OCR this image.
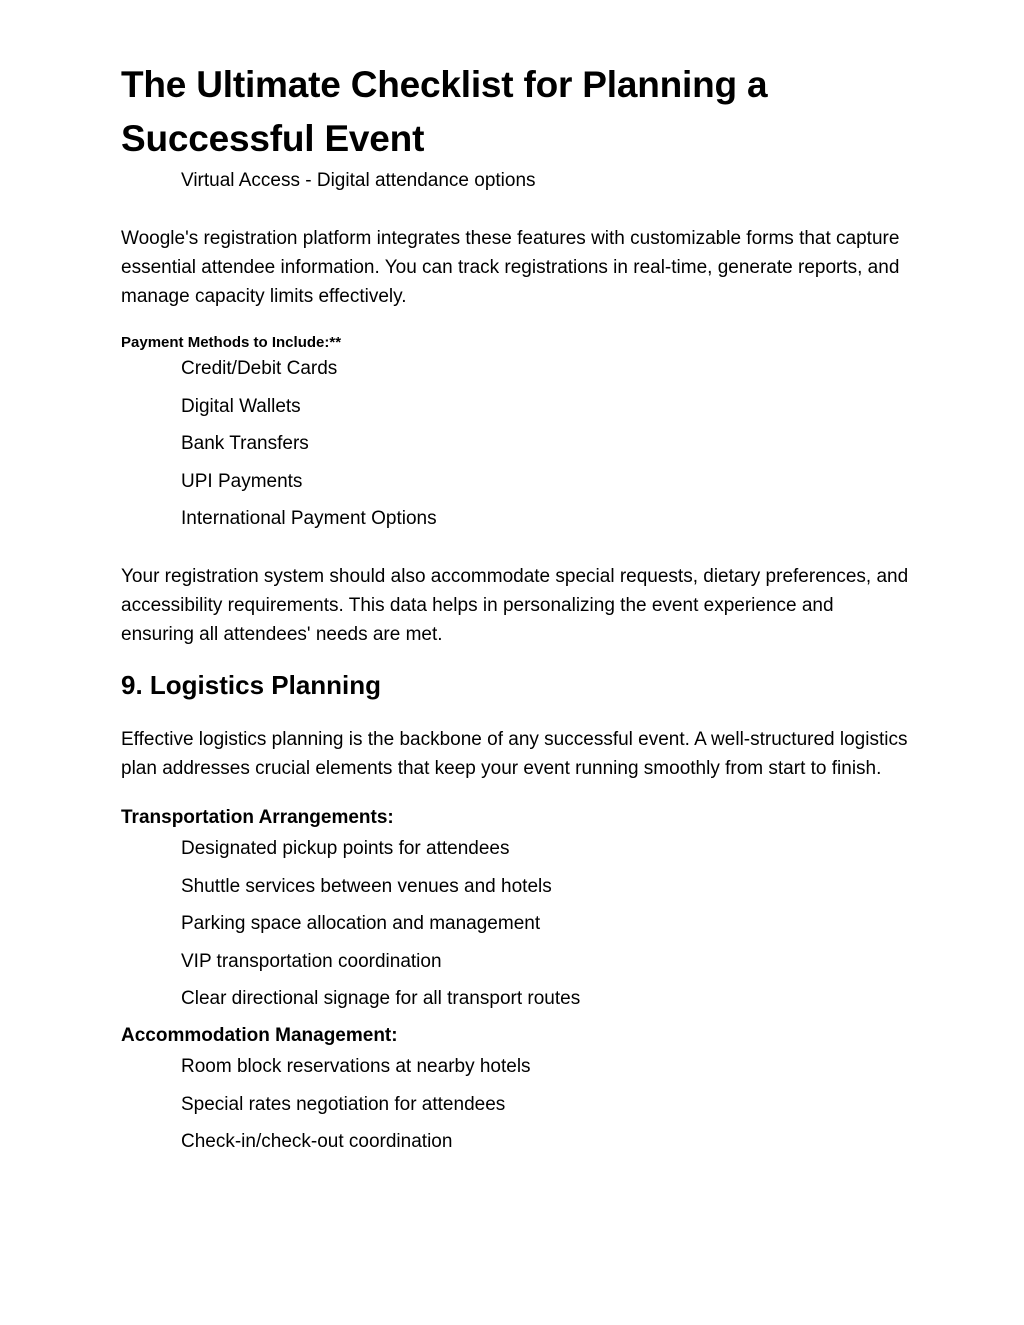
The Ultimate Checklist for Planning a Successful Event
Virtual Access - Digital attendance options

Woogle's registration platform integrates these features with customizable forms that capture essential attendee information. You can track registrations in real-time, generate reports, and manage capacity limits effectively.

Payment Methods to Include:**
Credit/Debit Cards
Digital Wallets
Bank Transfers
UPI Payments
International Payment Options

Your registration system should also accommodate special requests, dietary preferences, and accessibility requirements. This data helps in personalizing the event experience and ensuring all attendees' needs are met.

9. Logistics Planning

Effective logistics planning is the backbone of any successful event. A well-structured logistics plan addresses crucial elements that keep your event running smoothly from start to finish.

Transportation Arrangements:
Designated pickup points for attendees
Shuttle services between venues and hotels
Parking space allocation and management
VIP transportation coordination
Clear directional signage for all transport routes
Accommodation Management:
Room block reservations at nearby hotels
Special rates negotiation for attendees
Check-in/check-out coordination
